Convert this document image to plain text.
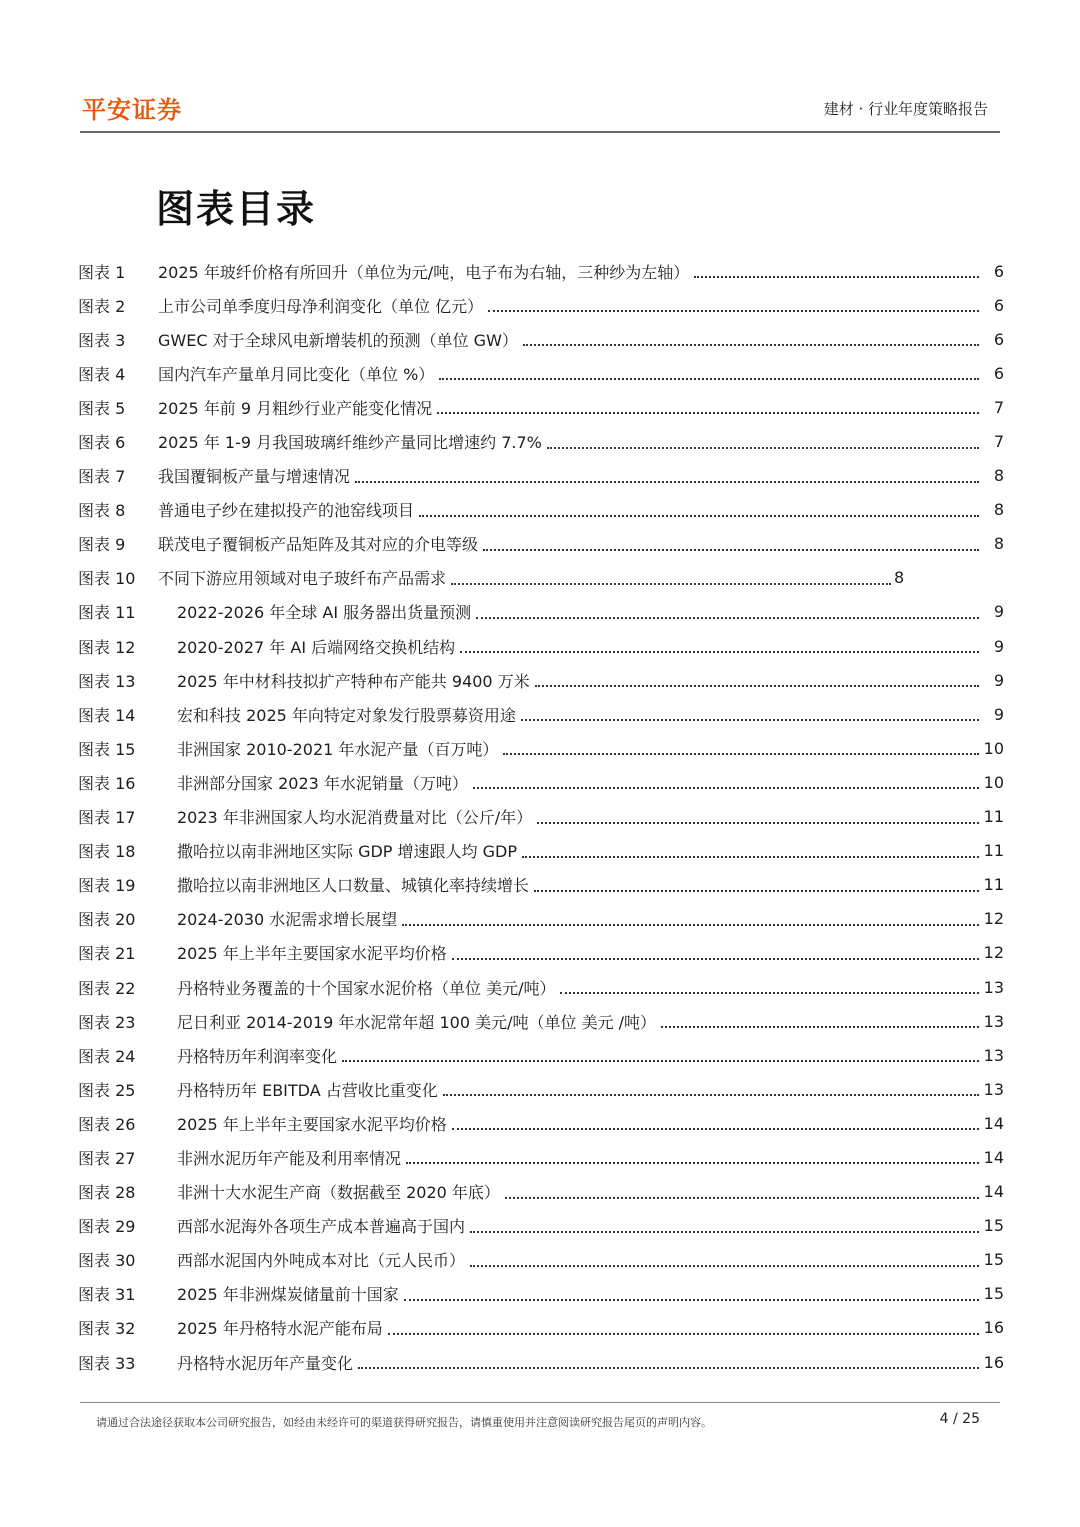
平安证券	建材 · 行业年度策略报告
图表目录
图表 1	2025 年玻纤价格有所回升（单位为元/吨，电子布为右轴，三种纱为左轴）	6
图表 2	上市公司单季度归母净利润变化（单位 亿元）	6
图表 3	GWEC 对于全球风电新增装机的预测（单位 GW）	6
图表 4	国内汽车产量单月同比变化（单位 %）	6
图表 5	2025 年前 9 月粗纱行业产能变化情况	7
图表 6	2025 年 1-9 月我国玻璃纤维纱产量同比增速约 7.7%	7
图表 7	我国覆铜板产量与增速情况	8
图表 8	普通电子纱在建拟投产的池窑线项目	8
图表 9	联茂电子覆铜板产品矩阵及其对应的介电等级	8
图表 10	不同下游应用领域对电子玻纤布产品需求	8
图表 11	2022-2026 年全球 AI 服务器出货量预测	9
图表 12	2020-2027 年 AI 后端网络交换机结构	9
图表 13	2025 年中材科技拟扩产特种布产能共 9400 万米	9
图表 14	宏和科技 2025 年向特定对象发行股票募资用途	9
图表 15	非洲国家 2010-2021 年水泥产量（百万吨）	10
图表 16	非洲部分国家 2023 年水泥销量（万吨）	10
图表 17	2023 年非洲国家人均水泥消费量对比（公斤/年）	11
图表 18	撒哈拉以南非洲地区实际 GDP 增速跟人均 GDP	11
图表 19	撒哈拉以南非洲地区人口数量、城镇化率持续增长	11
图表 20	2024-2030 水泥需求增长展望	12
图表 21	2025 年上半年主要国家水泥平均价格	12
图表 22	丹格特业务覆盖的十个国家水泥价格（单位 美元/吨）	13
图表 23	尼日利亚 2014-2019 年水泥常年超 100 美元/吨（单位 美元 /吨）	13
图表 24	丹格特历年利润率变化	13
图表 25	丹格特历年 EBITDA 占营收比重变化	13
图表 26	2025 年上半年主要国家水泥平均价格	14
图表 27	非洲水泥历年产能及利用率情况	14
图表 28	非洲十大水泥生产商（数据截至 2020 年底）	14
图表 29	西部水泥海外各项生产成本普遍高于国内	15
图表 30	西部水泥国内外吨成本对比（元人民币）	15
图表 31	2025 年非洲煤炭储量前十国家	15
图表 32	2025 年丹格特水泥产能布局	16
图表 33	丹格特水泥历年产量变化	16
请通过合法途径获取本公司研究报告，如经由未经许可的渠道获得研究报告，请慎重使用并注意阅读研究报告尾页的声明内容。	4 / 25
